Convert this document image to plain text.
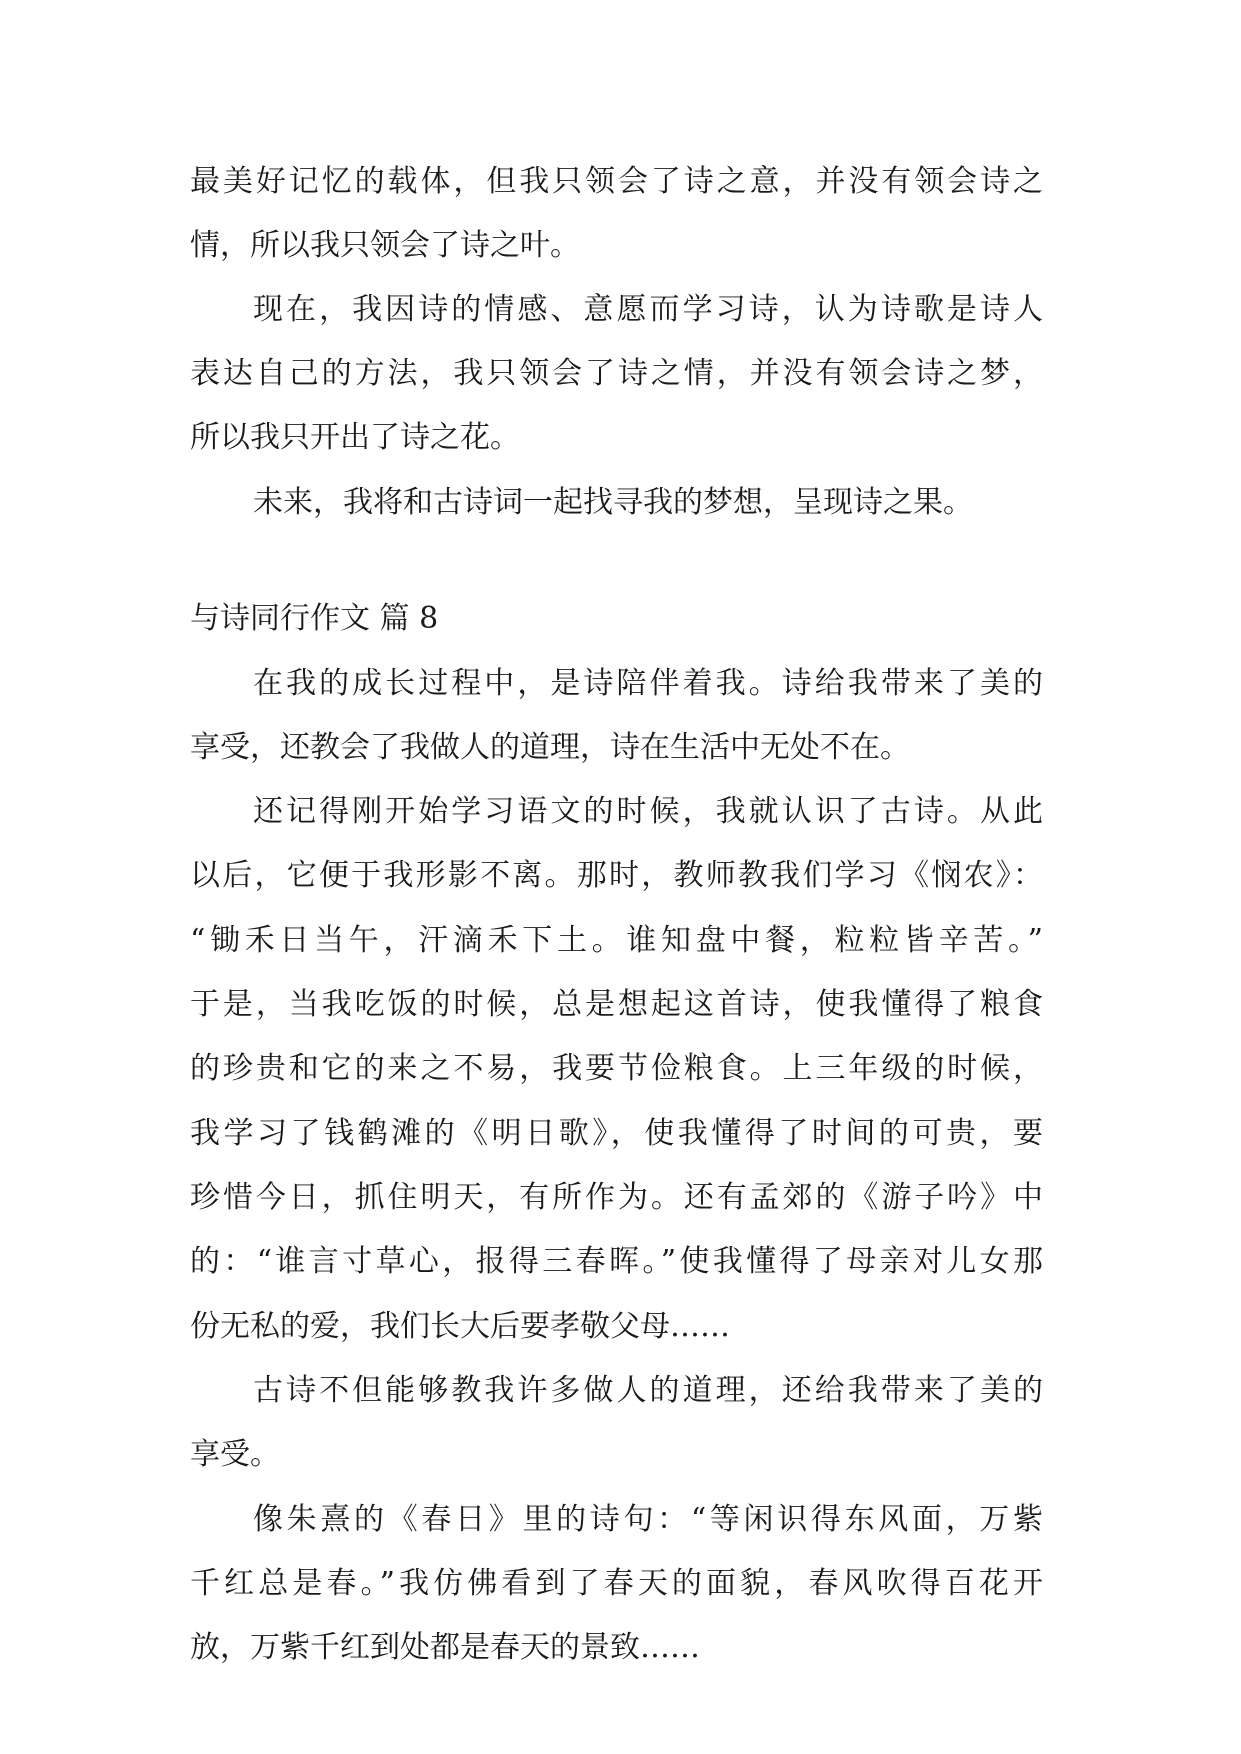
最美好记忆的载体，但我只领会了诗之意，并没有领会诗之
情，所以我只领会了诗之叶。
现在，我因诗的情感、意愿而学习诗，认为诗歌是诗人
表达自己的方法，我只领会了诗之情，并没有领会诗之梦，
所以我只开出了诗之花。
未来，我将和古诗词一起找寻我的梦想，呈现诗之果。
与诗同行作文 篇 8
在我的成长过程中，是诗陪伴着我。诗给我带来了美的
享受，还教会了我做人的道理，诗在生活中无处不在。
还记得刚开始学习语文的时候，我就认识了古诗。从此
以后，它便于我形影不离。那时，教师教我们学习《悯农》：
“锄禾日当午，汗滴禾下土。谁知盘中餐，粒粒皆辛苦。”
于是，当我吃饭的时候，总是想起这首诗，使我懂得了粮食
的珍贵和它的来之不易，我要节俭粮食。上三年级的时候，
我学习了钱鹤滩的《明日歌》，使我懂得了时间的可贵，要
珍惜今日，抓住明天，有所作为。还有孟郊的《游子吟》中
的：“谁言寸草心，报得三春晖。”使我懂得了母亲对儿女那
份无私的爱，我们长大后要孝敬父母……
古诗不但能够教我许多做人的道理，还给我带来了美的
享受。
像朱熹的《春日》里的诗句：“等闲识得东风面，万紫
千红总是春。”我仿佛看到了春天的面貌，春风吹得百花开
放，万紫千红到处都是春天的景致……
